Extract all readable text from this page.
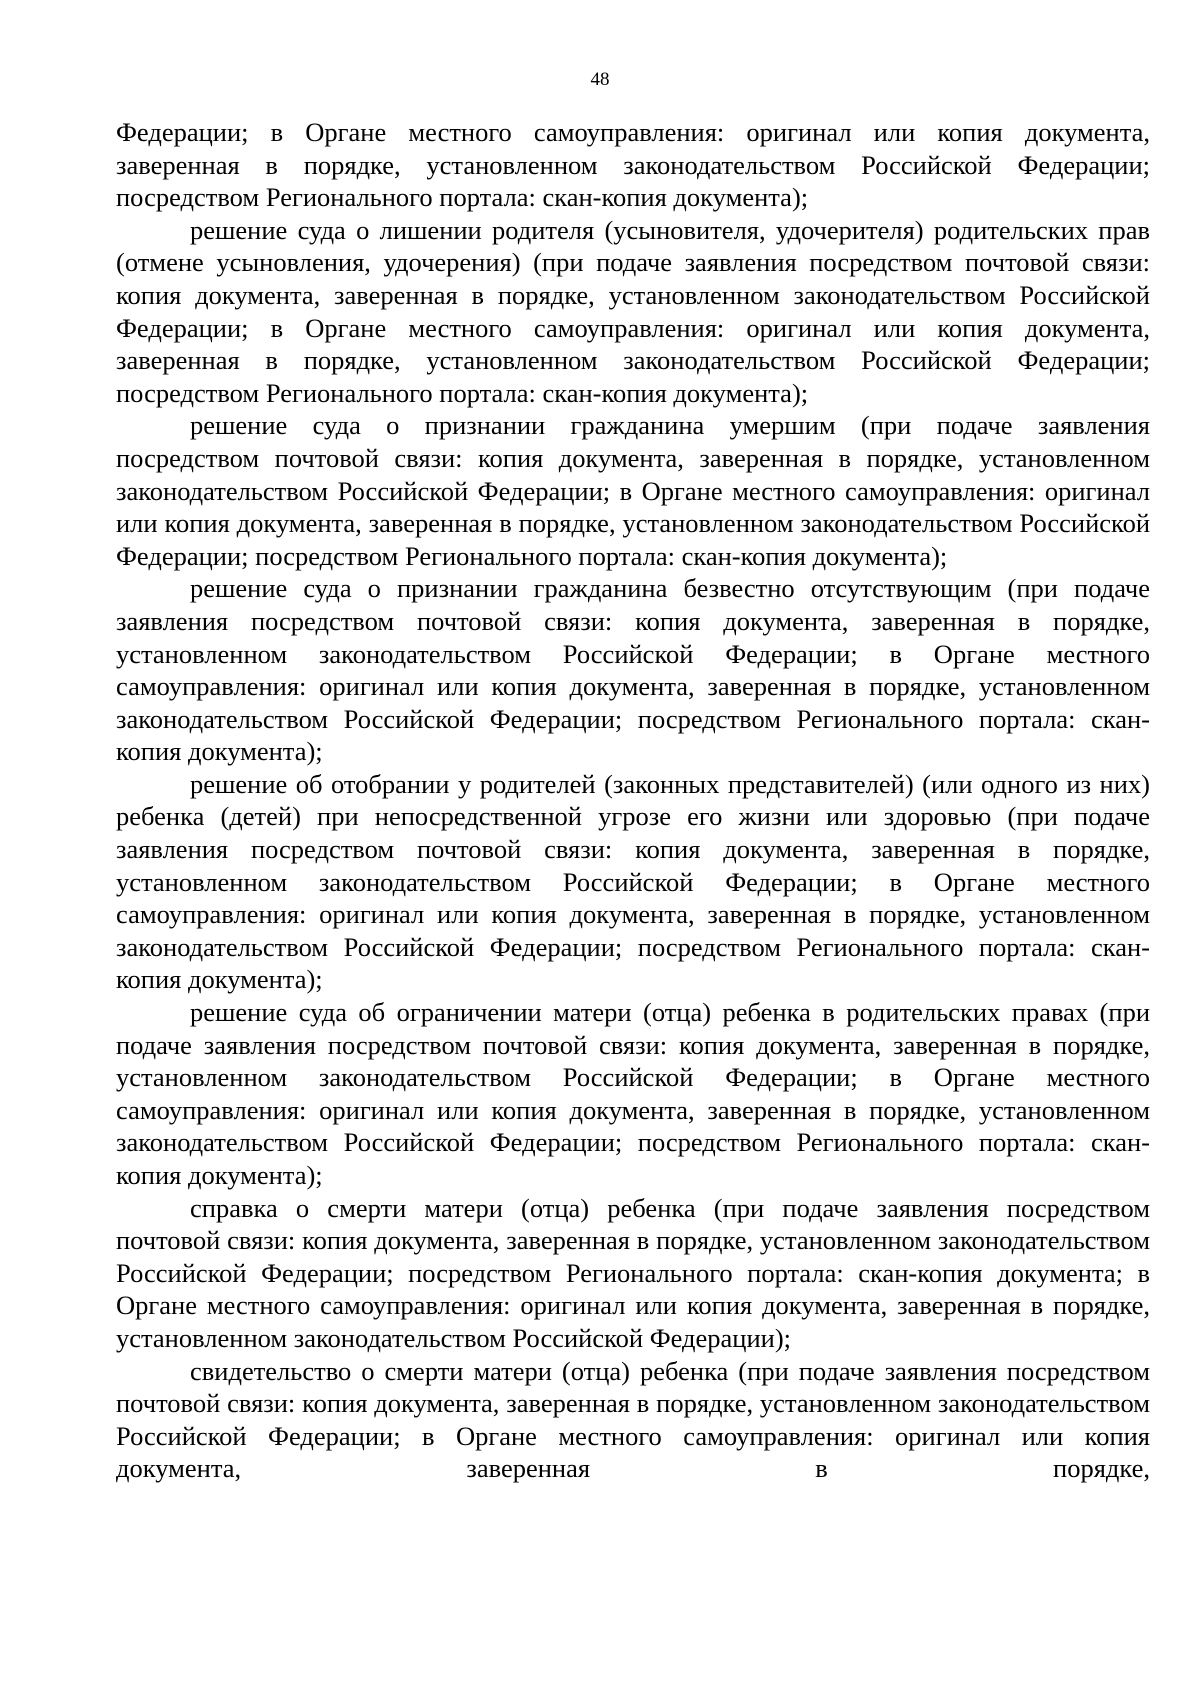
48

Федерации; в Органе местного самоуправления: оригинал или копия документа, заверенная в порядке, установленном законодательством Российской Федерации; посредством Регионального портала: скан-копия документа);

решение суда о лишении родителя (усыновителя, удочерителя) родительских прав (отмене усыновления, удочерения) (при подаче заявления посредством почтовой связи: копия документа, заверенная в порядке, установленном законодательством Российской Федерации; в Органе местного самоуправления: оригинал или копия документа, заверенная в порядке, установленном законодательством Российской Федерации; посредством Регионального портала: скан-копия документа);

решение суда о признании гражданина умершим (при подаче заявления посредством почтовой связи: копия документа, заверенная в порядке, установленном законодательством Российской Федерации; в Органе местного самоуправления: оригинал или копия документа, заверенная в порядке, установленном законодательством Российской Федерации; посредством Регионального портала: скан-копия документа);

решение суда о признании гражданина безвестно отсутствующим (при подаче заявления посредством почтовой связи: копия документа, заверенная в порядке, установленном законодательством Российской Федерации; в Органе местного самоуправления: оригинал или копия документа, заверенная в порядке, установленном законодательством Российской Федерации; посредством Регионального портала: скан-копия документа);

решение об отобрании у родителей (законных представителей) (или одного из них) ребенка (детей) при непосредственной угрозе его жизни или здоровью (при подаче заявления посредством почтовой связи: копия документа, заверенная в порядке, установленном законодательством Российской Федерации; в Органе местного самоуправления: оригинал или копия документа, заверенная в порядке, установленном законодательством Российской Федерации; посредством Регионального портала: скан-копия документа);

решение суда об ограничении матери (отца) ребенка в родительских правах (при подаче заявления посредством почтовой связи: копия документа, заверенная в порядке, установленном законодательством Российской Федерации; в Органе местного самоуправления: оригинал или копия документа, заверенная в порядке, установленном законодательством Российской Федерации; посредством Регионального портала: скан-копия документа);

справка о смерти матери (отца) ребенка (при подаче заявления посредством почтовой связи: копия документа, заверенная в порядке, установленном законодательством Российской Федерации; посредством Регионального портала: скан-копия документа; в Органе местного самоуправления: оригинал или копия документа, заверенная в порядке, установленном законодательством Российской Федерации);

свидетельство о смерти матери (отца) ребенка (при подаче заявления посредством почтовой связи: копия документа, заверенная в порядке, установленном законодательством Российской Федерации; в Органе местного самоуправления: оригинал или копия документа, заверенная в порядке,
